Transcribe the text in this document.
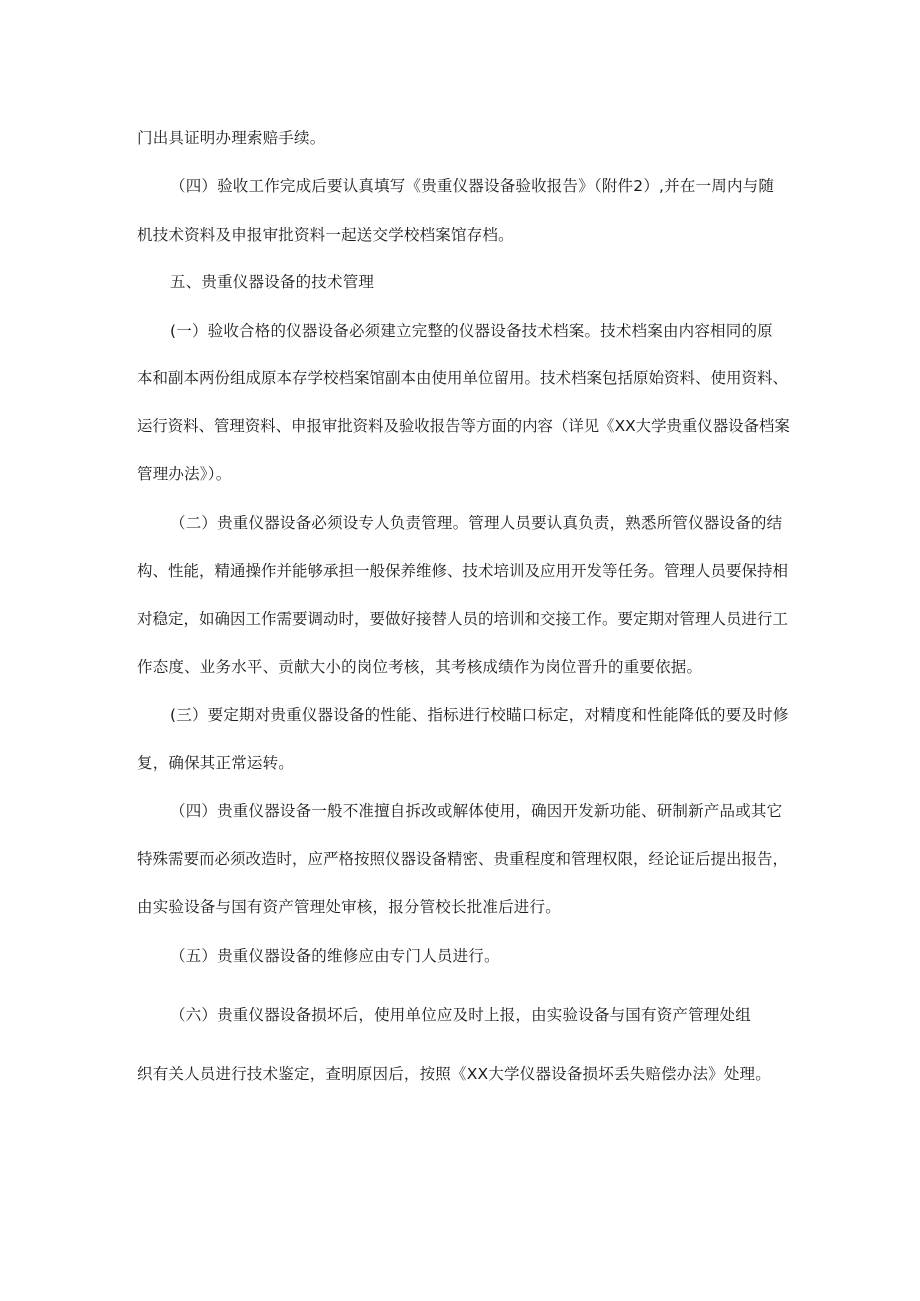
门出具证明办理索赔手续。
（四）验收工作完成后要认真填写《贵重仪器设备验收报告》（附件2）,并在一周内与随
机技术资料及申报审批资料一起送交学校档案馆存档。
五、贵重仪器设备的技术管理
(一）验收合格的仪器设备必须建立完整的仪器设备技术档案。技术档案由内容相同的原
本和副本两份组成原本存学校档案馆副本由使用单位留用。技术档案包括原始资料、使用资料、
运行资料、管理资料、申报审批资料及验收报告等方面的内容（详见《XX大学贵重仪器设备档案
管理办法》）。
（二）贵重仪器设备必须设专人负责管理。管理人员要认真负责，熟悉所管仪器设备的结
构、性能，精通操作并能够承担一般保养维修、技术培训及应用开发等任务。管理人员要保持相
对稳定，如确因工作需要调动时，要做好接替人员的培训和交接工作。要定期对管理人员进行工
作态度、业务水平、贡献大小的岗位考核，其考核成绩作为岗位晋升的重要依据。
(三）要定期对贵重仪器设备的性能、指标进行校瞄口标定，对精度和性能降低的要及时修
复，确保其正常运转。
（四）贵重仪器设备一般不准擅自拆改或解体使用，确因开发新功能、研制新产品或其它
特殊需要而必须改造时，应严格按照仪器设备精密、贵重程度和管理权限，经论证后提出报告，
由实验设备与国有资产管理处审核，报分管校长批准后进行。
（五）贵重仪器设备的维修应由专门人员进行。
（六）贵重仪器设备损坏后，使用单位应及时上报，由实验设备与国有资产管理处组
织有关人员进行技术鉴定，查明原因后，按照《XX大学仪器设备损坏丢失赔偿办法》处理。
